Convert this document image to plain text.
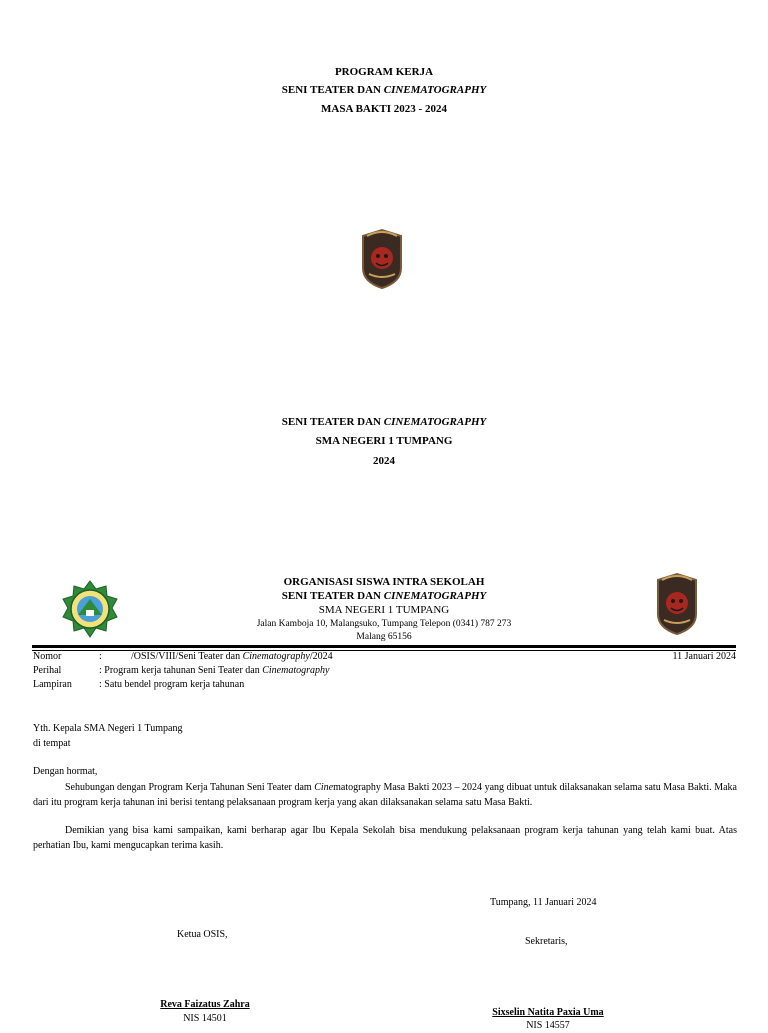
PROGRAM KERJA
SENI TEATER DAN CINEMATOGRAPHY
MASA BAKTI 2023 - 2024
SENI TEATER DAN CINEMATOGRAPHY
SMA NEGERI 1 TUMPANG
2024
ORGANISASI SISWA INTRA SEKOLAH
SENI TEATER DAN CINEMATOGRAPHY
SMA NEGERI 1 TUMPANG
Jalan Kamboja 10, Malangsuko, Tumpang Telepon (0341) 787 273
Malang 65156
Nomor	:	/OSIS/VIII/Seni Teater dan Cinematography/2024	11 Januari 2024
Perihal	: Program kerja tahunan Seni Teater dan Cinematography
Lampiran	: Satu bendel program kerja tahunan
Yth. Kepala SMA Negeri 1 Tumpang
di tempat
Dengan hormat,
Sehubungan dengan Program Kerja Tahunan Seni Teater dam Cinematography Masa Bakti 2023 – 2024 yang dibuat untuk dilaksanakan selama satu Masa Bakti. Maka dari itu program kerja tahunan ini berisi tentang pelaksanaan program kerja yang akan dilaksanakan selama satu Masa Bakti.
Demikian yang bisa kami sampaikan, kami berharap agar Ibu Kepala Sekolah bisa mendukung pelaksanaan program kerja tahunan yang telah kami buat. Atas perhatian Ibu, kami mengucapkan terima kasih.
Tumpang, 11 Januari 2024
Ketua OSIS,
Sekretaris,
Reva Faizatus Zahra
NIS 14501
Sixselin Natita Paxia Uma
NIS 14557
